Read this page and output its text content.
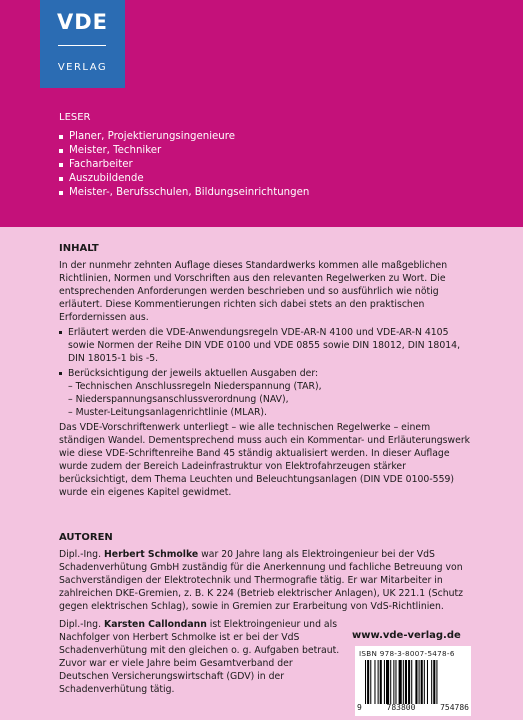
VDE
VERLAG
LESER
Planer, Projektierungsingenieure
Meister, Techniker
Facharbeiter
Auszubildende
Meister-, Berufsschulen, Bildungseinrichtungen
INHALT

In der nunmehr zehnten Auflage dieses Standardwerks kommen alle maßgeblichen Richtlinien, Normen und Vorschriften aus den relevanten Regelwerken zu Wort. Die entsprechenden Anforderungen werden beschrieben und so ausführlich wie nötig erläutert. Diese Kommentierungen richten sich dabei stets an den praktischen Erfordernissen aus.

Erläutert werden die VDE-Anwendungsregeln VDE-AR-N 4100 und VDE-AR-N 4105 sowie Normen der Reihe DIN VDE 0100 und VDE 0855 sowie DIN 18012, DIN 18014, DIN 18015-1 bis -5.
Berücksichtigung der jeweils aktuellen Ausgaben der:
– Technischen Anschlussregeln Niederspannung (TAR),
– Niederspannungsanschlussverordnung (NAV),
– Muster-Leitungsanlagenrichtlinie (MLAR).

Das VDE-Vorschriftenwerk unterliegt – wie alle technischen Regelwerke – einem ständigen Wandel. Dementsprechend muss auch ein Kommentar- und Erläuterungswerk wie diese VDE-Schriftenreihe Band 45 ständig aktualisiert werden. In dieser Auflage wurde zudem der Bereich Ladeinfrastruktur von Elektrofahrzeugen stärker berücksichtigt, dem Thema Leuchten und Beleuchtungsanlagen (DIN VDE 0100-559) wurde ein eigenes Kapitel gewidmet.

AUTOREN

Dipl.-Ing. Herbert Schmolke war 20 Jahre lang als Elektroingenieur bei der VdS Schadenverhütung GmbH zuständig für die Anerkennung und fachliche Betreuung von Sachverständigen der Elektrotechnik und Thermografie tätig. Er war Mitarbeiter in zahlreichen DKE-Gremien, z. B. K 224 (Betrieb elektrischer Anlagen), UK 221.1 (Schutz gegen elektrischen Schlag), sowie in Gremien zur Erarbeitung von VdS-Richtlinien.

Dipl.-Ing. Karsten Callondann ist Elektroingenieur und als Nachfolger von Herbert Schmolke ist er bei der VdS Schadenverhütung mit den gleichen o. g. Aufgaben betraut. Zuvor war er viele Jahre beim Gesamtverband der Deutschen Versicherungswirtschaft (GDV) in der Schadenverhütung tätig.

www.vde-verlag.de
ISBN 978-3-8007-5478-6
9	783800	754786
